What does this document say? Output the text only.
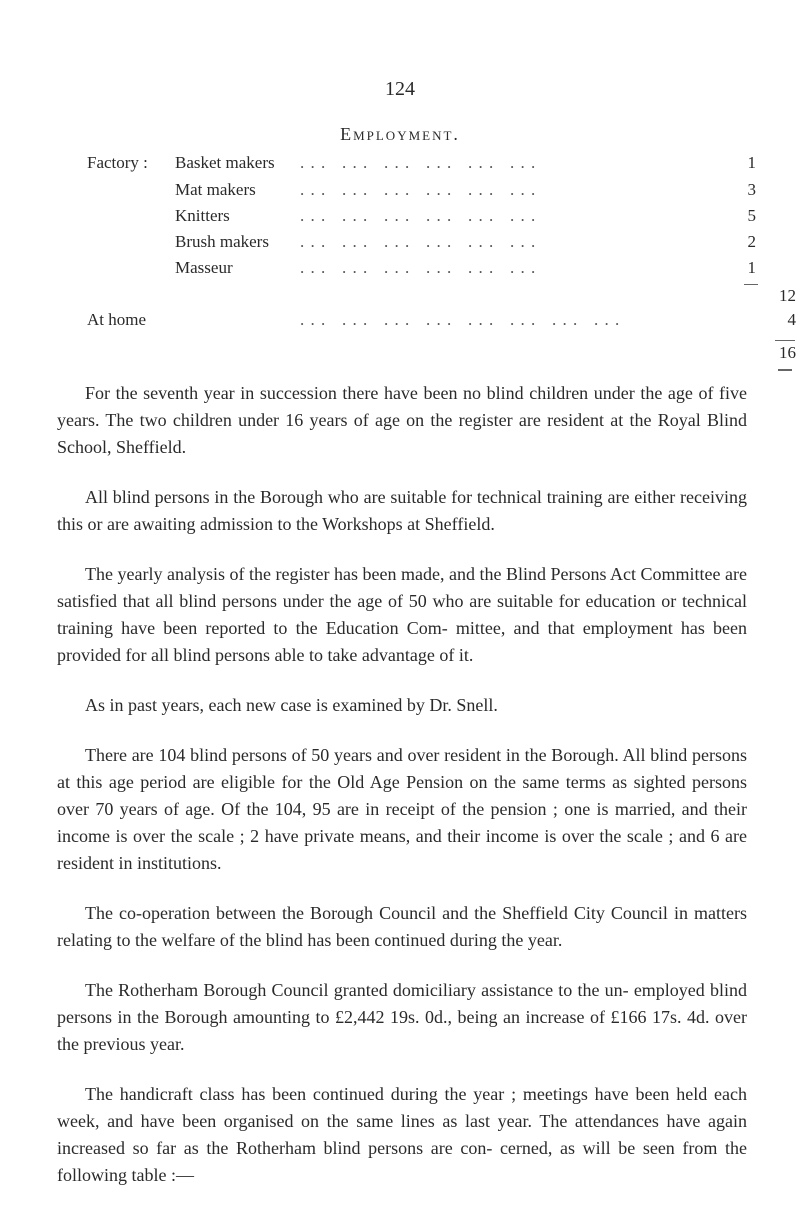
124
Employment.
Factory : Basket makers . . .   . . .   . . .   . . .   . . .   . . .	1
Mat makers	. . .   . . .   . . .   . . .   . . .   . . .	3
Knitters	. . .   . . .   . . .   . . .   . . .   . . .	5
Brush makers . . .   . . .   . . .   . . .   . . .   . . .	2
Masseur	. . .   . . .   . . .   . . .   . . .   . . .	1
12
At home	. . .   . . .   . . .   . . .   . . .   . . .   . . .   . . .	4
16

For the seventh year in succession there have been no blind children under the age of five years. The two children under 16 years of age on the register are resident at the Royal Blind School, Sheffield.

All blind persons in the Borough who are suitable for technical training are either receiving this or are awaiting admission to the Workshops at Sheffield.

The yearly analysis of the register has been made, and the Blind Persons Act Committee are satisfied that all blind persons under the age of 50 who are suitable for education or technical training have been reported to the Education Com- mittee, and that employment has been provided for all blind persons able to take advantage of it.

As in past years, each new case is examined by Dr. Snell.

There are 104 blind persons of 50 years and over resident in the Borough. All blind persons at this age period are eligible for the Old Age Pension on the same terms as sighted persons over 70 years of age. Of the 104, 95 are in receipt of the pension ; one is married, and their income is over the scale ; 2 have private means, and their income is over the scale ; and 6 are resident in institutions.

The co-operation between the Borough Council and the Sheffield City Council in matters relating to the welfare of the blind has been continued during the year.

The Rotherham Borough Council granted domiciliary assistance to the un- employed blind persons in the Borough amounting to £2,442 19s. 0d., being an increase of £166 17s. 4d. over the previous year.

The handicraft class has been continued during the year ; meetings have been held each week, and have been organised on the same lines as last year. The attendances have again increased so far as the Rotherham blind persons are con- cerned, as will be seen from the following table :—
